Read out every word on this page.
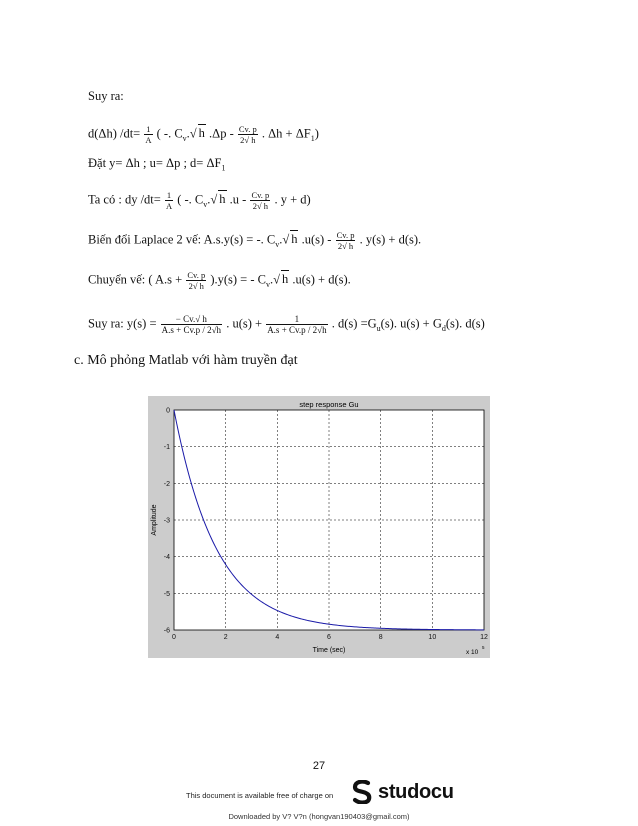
Suy ra:
d(Δh) $/dt= \frac{1}{A}$ ( -. $C_v.√$ h .Δp - $\frac{Cv. p}{2√ h}$ . $\Delta h + \Delta F_1$)
Đặt y= Δh ; u= Δp ; $d= \Delta F_1$
Ta có : dy $/dt= \frac{1}{A}$ ( -. $C_v.√$ h .u - $\frac{Cv. p}{2√ h}$ . y + d)
Biến đổi Laplace 2 vế: A.s.y(s) = -. $C_v.√$ h $.u(s) - \frac{Cv. p}{2√ h}$ . y(s) + d(s).
Chuyển vế: ( $A.s + \frac{Cv. p}{2√ h} ).y(s)$ = - $C_v.√$ h .u(s) + d(s).
Suy ra: $y(s) = \frac{- Cv.√ h}{A.s + Cv.p / 2√h}$ . $u(s) + \frac{1}{A.s + Cv.p / 2√h}$ . $d(s) =G_u(s)$. $u(s) + G_d(s)$. d(s)
c. Mô phỏng Matlab với hàm truyền đạt
0	2	4	6	8	10	12
0
-1
-2
-3
-4
-5
-6
step response Gu
Time (sec)
Amplitude
x 10
5
27
This document is available free of charge on studocu
Downloaded by V? V?n (hongvan190403@gmail.com)
